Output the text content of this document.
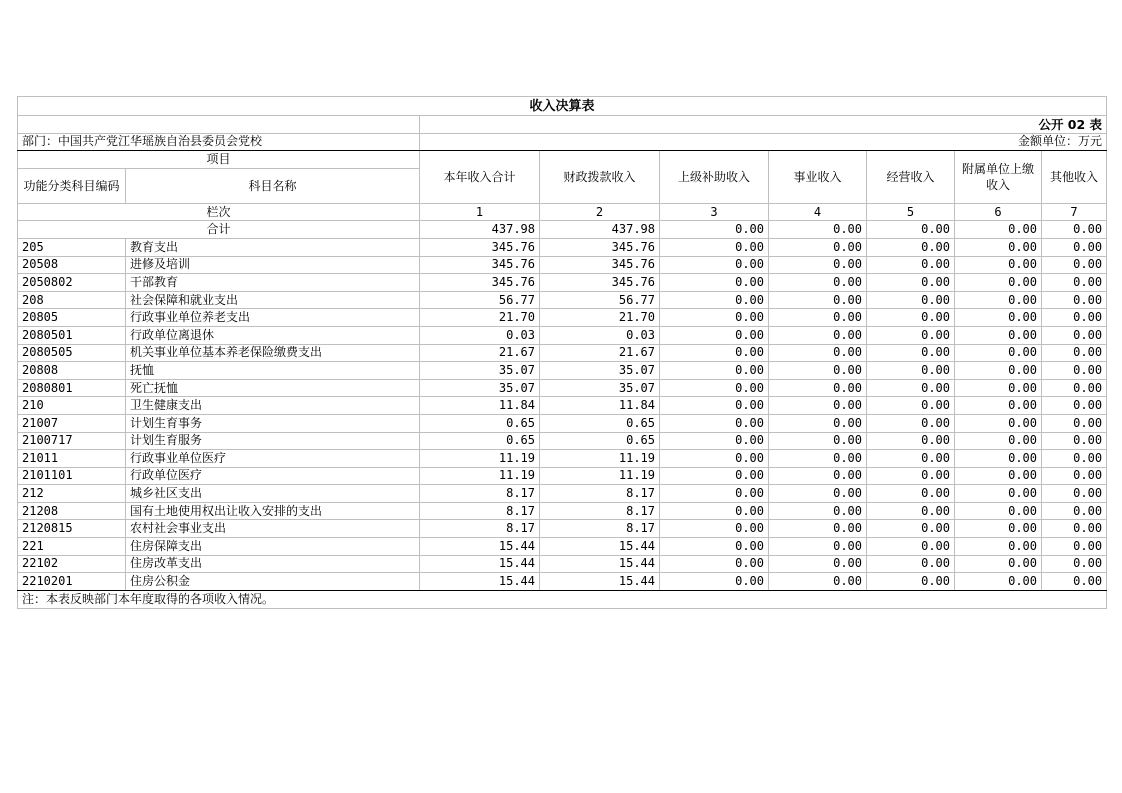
收入决算表								
		公开 02 表						
部门：中国共产党江华瑶族自治县委员会党校		金额单位：万元						
项目		本年收入合计	财政拨款收入	上级补助收入	事业收入	经营收入	附属单位上缴收入	其他收入
功能分类科目编码	科目名称							
栏次		1	2	3	4	5	6	7
合计		437.98	437.98	0.00	0.00	0.00	0.00	0.00
205	教育支出	345.76	345.76	0.00	0.00	0.00	0.00	0.00
20508	进修及培训	345.76	345.76	0.00	0.00	0.00	0.00	0.00
2050802	干部教育	345.76	345.76	0.00	0.00	0.00	0.00	0.00
208	社会保障和就业支出	56.77	56.77	0.00	0.00	0.00	0.00	0.00
20805	行政事业单位养老支出	21.70	21.70	0.00	0.00	0.00	0.00	0.00
2080501	行政单位离退休	0.03	0.03	0.00	0.00	0.00	0.00	0.00
2080505	机关事业单位基本养老保险缴费支出	21.67	21.67	0.00	0.00	0.00	0.00	0.00
20808	抚恤	35.07	35.07	0.00	0.00	0.00	0.00	0.00
2080801	死亡抚恤	35.07	35.07	0.00	0.00	0.00	0.00	0.00
210	卫生健康支出	11.84	11.84	0.00	0.00	0.00	0.00	0.00
21007	计划生育事务	0.65	0.65	0.00	0.00	0.00	0.00	0.00
2100717	计划生育服务	0.65	0.65	0.00	0.00	0.00	0.00	0.00
21011	行政事业单位医疗	11.19	11.19	0.00	0.00	0.00	0.00	0.00
2101101	行政单位医疗	11.19	11.19	0.00	0.00	0.00	0.00	0.00
212	城乡社区支出	8.17	8.17	0.00	0.00	0.00	0.00	0.00
21208	国有土地使用权出让收入安排的支出	8.17	8.17	0.00	0.00	0.00	0.00	0.00
2120815	农村社会事业支出	8.17	8.17	0.00	0.00	0.00	0.00	0.00
221	住房保障支出	15.44	15.44	0.00	0.00	0.00	0.00	0.00
22102	住房改革支出	15.44	15.44	0.00	0.00	0.00	0.00	0.00
2210201	住房公积金	15.44	15.44	0.00	0.00	0.00	0.00	0.00
注：本表反映部门本年度取得的各项收入情况。								
